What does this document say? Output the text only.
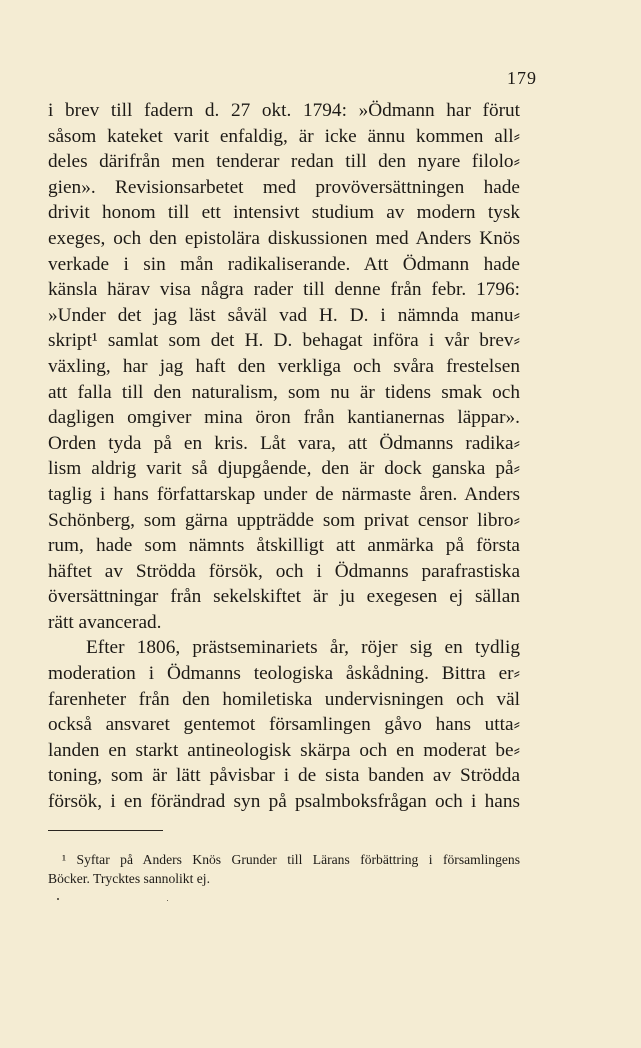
179
i brev till fadern d. 27 okt. 1794: »Ödmann har förut
såsom kateket varit enfaldig, är icke ännu kommen all⸗
deles därifrån men tenderar redan till den nyare filolo⸗
gien». Revisionsarbetet med provöversättningen hade
drivit honom till ett intensivt studium av modern tysk
exeges, och den epistolära diskussionen med Anders Knös
verkade i sin mån radikaliserande. Att Ödmann hade
känsla härav visa några rader till denne från febr. 1796:
»Under det jag läst såväl vad H. D. i nämnda manu⸗
skript¹ samlat som det H. D. behagat införa i vår brev⸗
växling, har jag haft den verkliga och svåra frestelsen
att falla till den naturalism, som nu är tidens smak och
dagligen omgiver mina öron från kantianernas läppar».
Orden tyda på en kris. Låt vara, att Ödmanns radika⸗
lism aldrig varit så djupgående, den är dock ganska på⸗
taglig i hans författarskap under de närmaste åren. Anders
Schönberg, som gärna uppträdde som privat censor libro⸗
rum, hade som nämnts åtskilligt att anmärka på första
häftet av Strödda försök, och i Ödmanns parafrastiska
översättningar från sekelskiftet är ju exegesen ej sällan
rätt avancerad.
Efter 1806, prästseminariets år, röjer sig en tydlig
moderation i Ödmanns teologiska åskådning. Bittra er⸗
farenheter från den homiletiska undervisningen och väl
också ansvaret gentemot församlingen gåvo hans utta⸗
landen en starkt antineologisk skärpa och en moderat be⸗
toning, som är lätt påvisbar i de sista banden av Strödda
försök, i en förändrad syn på psalmboksfrågan och i hans
¹ Syftar på Anders Knös Grunder till Lärans förbättring i församlingens
Böcker. Trycktes sannolikt ej.
